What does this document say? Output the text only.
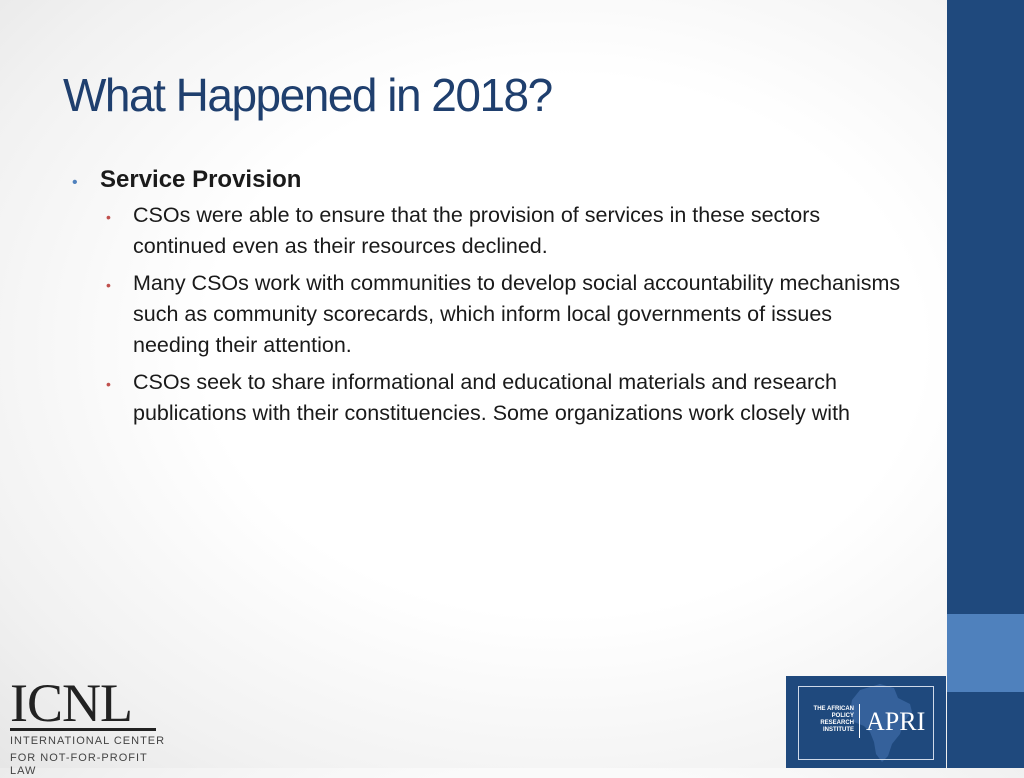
What Happened in 2018?
• Service Provision
•	CSOs were able to ensure that the provision of services in these sectors continued even as their resources declined.
•	Many CSOs work with communities to develop social accountability mechanisms such as community scorecards, which inform local governments of issues needing their attention.
•	CSOs seek to share informational and educational materials and research publications with their constituencies. Some organizations work closely with
ICNL
INTERNATIONAL CENTER
FOR NOT-FOR-PROFIT LAW
THE AFRICAN POLICY RESEARCH INSTITUTE APRI
